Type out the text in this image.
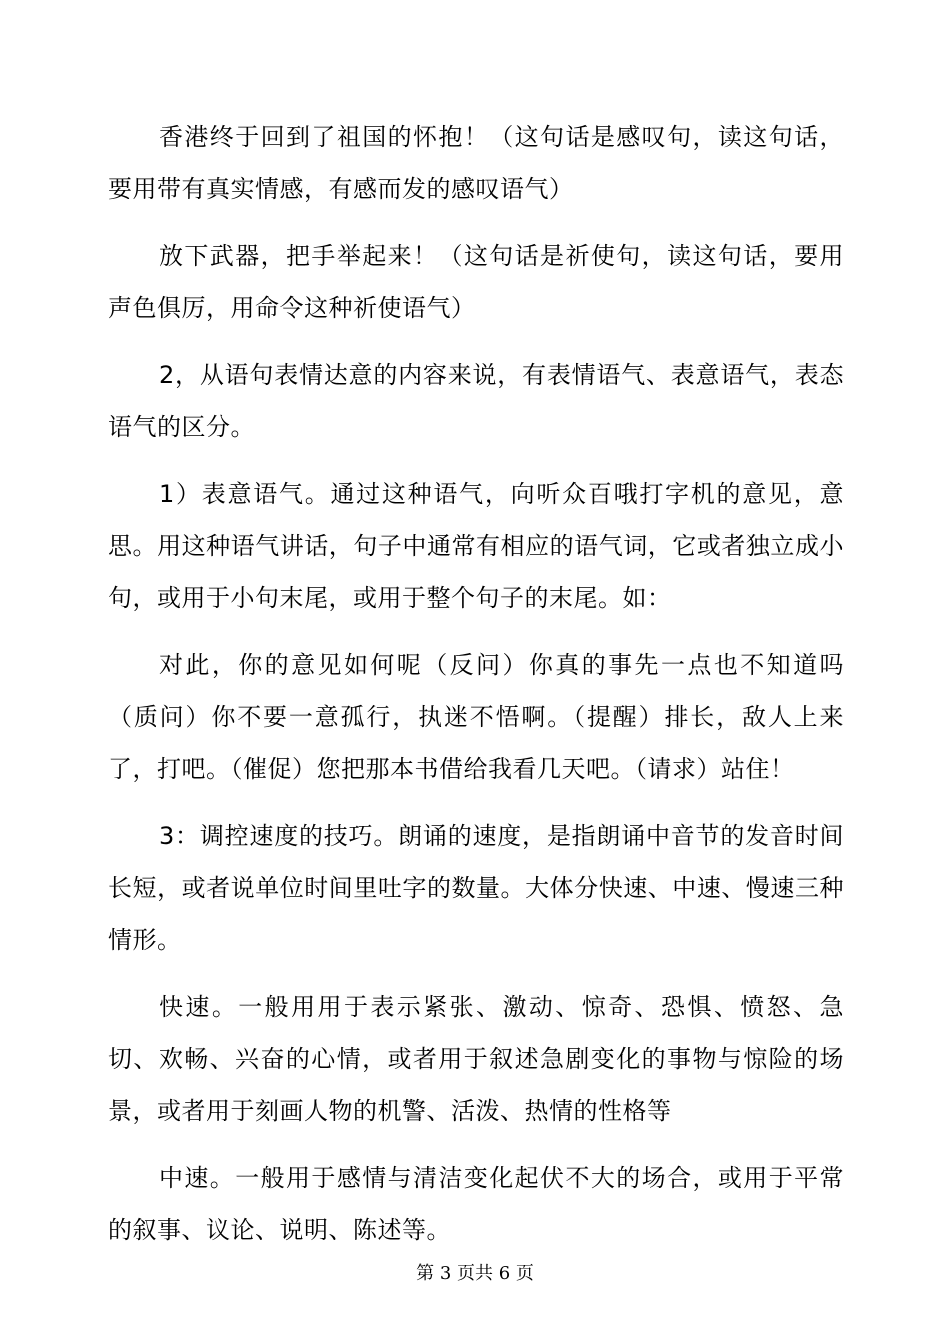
香港终于回到了祖国的怀抱！（这句话是感叹句，读这句话，要用带有真实情感，有感而发的感叹语气）

放下武器，把手举起来！（这句话是祈使句，读这句话，要用声色俱厉，用命令这种祈使语气）

2，从语句表情达意的内容来说，有表情语气、表意语气，表态语气的区分。

1）表意语气。通过这种语气，向听众百哦打字机的意见，意思。用这种语气讲话，句子中通常有相应的语气词，它或者独立成小句，或用于小句末尾，或用于整个句子的末尾。如：

对此，你的意见如何呢（反问）你真的事先一点也不知道吗（质问）你不要一意孤行，执迷不悟啊。（提醒）排长，敌人上来了，打吧。（催促）您把那本书借给我看几天吧。（请求）站住！

3：调控速度的技巧。朗诵的速度，是指朗诵中音节的发音时间长短，或者说单位时间里吐字的数量。大体分快速、中速、慢速三种情形。

快速。一般用用于表示紧张、激动、惊奇、恐惧、愤怒、急切、欢畅、兴奋的心情，或者用于叙述急剧变化的事物与惊险的场景，或者用于刻画人物的机警、活泼、热情的性格等

中速。一般用于感情与清洁变化起伏不大的场合，或用于平常的叙事、议论、说明、陈述等。

第 3 页共 6 页
